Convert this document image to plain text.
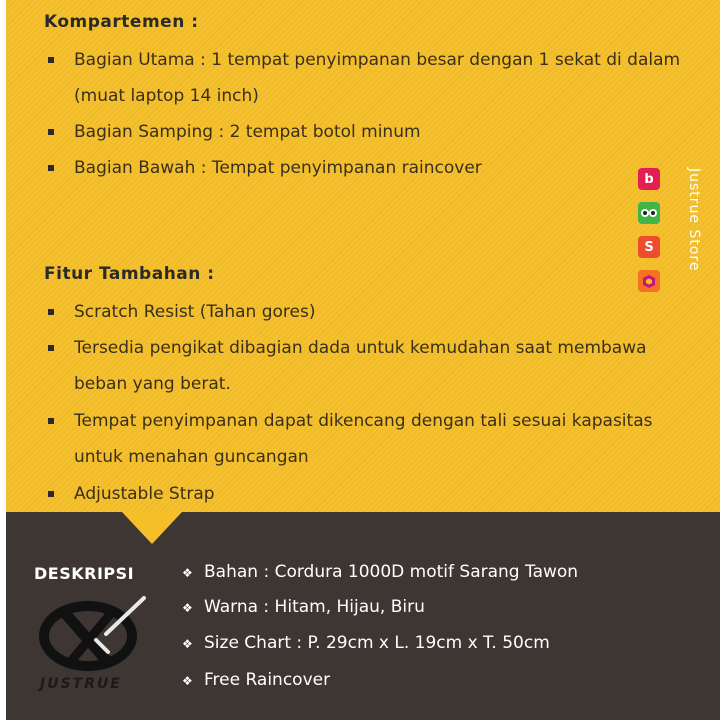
Kompartemen :
Bagian Utama : 1 tempat penyimpanan besar dengan 1 sekat di dalam
(muat laptop 14 inch)
Bagian Samping : 2 tempat botol minum
Bagian Bawah : Tempat penyimpanan raincover
b
S	Justrue Store
Fitur Tambahan :
Scratch Resist (Tahan gores)
Tersedia pengikat dibagian dada untuk kemudahan saat membawa
beban yang berat.
Tempat penyimpanan dapat dikencang dengan tali sesuai kapasitas
untuk menahan guncangan
Adjustable Strap
DESKRIPSI
JUSTRUE
❖ Bahan : Cordura 1000D motif Sarang Tawon
❖ Warna : Hitam, Hijau, Biru
❖ Size Chart : P. 29cm x L. 19cm x T. 50cm
❖ Free Raincover
